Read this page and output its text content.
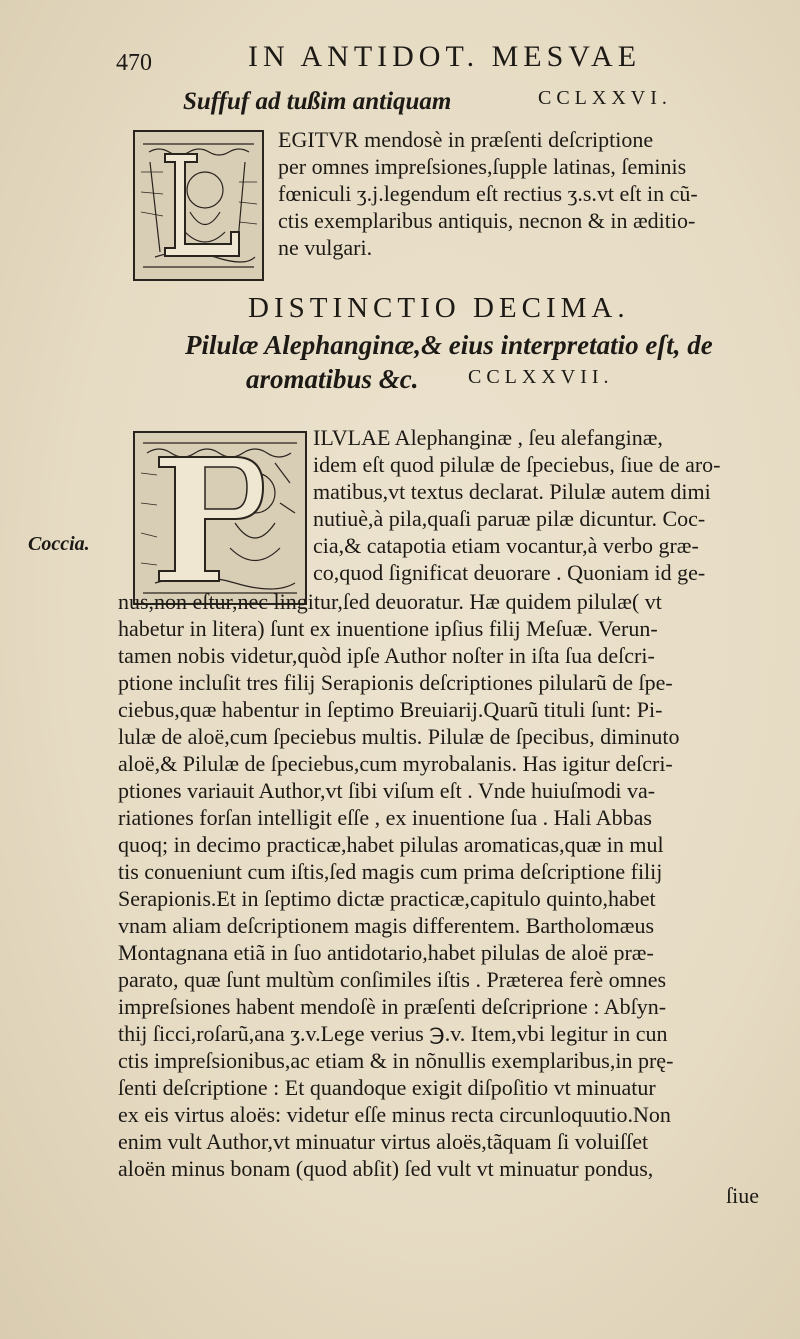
470	IN ANTIDOT. MESVAE
Suffuf ad tußim antiquam	CCLXXVI.
EGITVR mendosè in præſenti deſcriptione
per omnes impreſsiones,ſupple latinas, ſeminis
fœniculi ʒ.j.legendum eſt rectius ʒ.s.vt eſt in cũ-
ctis exemplaribus antiquis, necnon & in æditio-
ne vulgari.
DISTINCTIO DECIMA.
Pilulæ Alephanginæ,& eius interpretatio eſt, de
aromatibus &c. CCLXXVII.
Coccia.
ILVLAE Alephanginæ , ſeu alefanginæ,
idem eſt quod pilulæ de ſpeciebus, ſiue de aro-
matibus,vt textus declarat. Pilulæ autem dimi
nutiuè,à pila,quaſi paruæ pilæ dicuntur. Coc-
cia,& catapotia etiam vocantur,à verbo græ-
co,quod ſignificat deuorare . Quoniam id ge-
nus,non eſtur,nec lingitur,ſed deuoratur. Hæ quidem pilulæ( vt
habetur in litera) ſunt ex inuentione ipſius filij Meſuæ. Verun-
tamen nobis videtur,quòd ipſe Author noſter in iſta ſua deſcri-
ptione incluſit tres filij Serapionis deſcriptiones pilularũ de ſpe-
ciebus,quæ habentur in ſeptimo Breuiarij.Quarũ tituli ſunt: Pi-
lulæ de aloë,cum ſpeciebus multis. Pilulæ de ſpecibus, diminuto
aloë,& Pilulæ de ſpeciebus,cum myrobalanis. Has igitur deſcri-
ptiones variauit Author,vt ſibi viſum eſt . Vnde huiuſmodi va-
riationes forſan intelligit eſſe , ex inuentione ſua . Hali Abbas
quoq; in decimo practicæ,habet pilulas aromaticas,quæ in mul
tis conueniunt cum iſtis,ſed magis cum prima deſcriptione filij
Serapionis.Et in ſeptimo dictæ practicæ,capitulo quinto,habet
vnam aliam deſcriptionem magis differentem. Bartholomæus
Montagnana etiã in ſuo antidotario,habet pilulas de aloë præ-
parato, quæ ſunt multùm conſimiles iſtis . Præterea ferè omnes
impreſsiones habent mendoſè in præſenti deſcriprione : Abſyn-
thij ſicci,roſarũ,ana ʒ.v.Lege verius ℈.v. Item,vbi legitur in cun
ctis impreſsionibus,ac etiam & in nõnullis exemplaribus,in prę-
ſenti deſcriptione : Et quandoque exigit diſpoſitio vt minuatur
ex eis virtus aloës: videtur eſſe minus recta circunloquutio.Non
enim vult Author,vt minuatur virtus aloës,tãquam ſi voluiſſet
aloën minus bonam (quod abſit) ſed vult vt minuatur pondus,
ſiue
